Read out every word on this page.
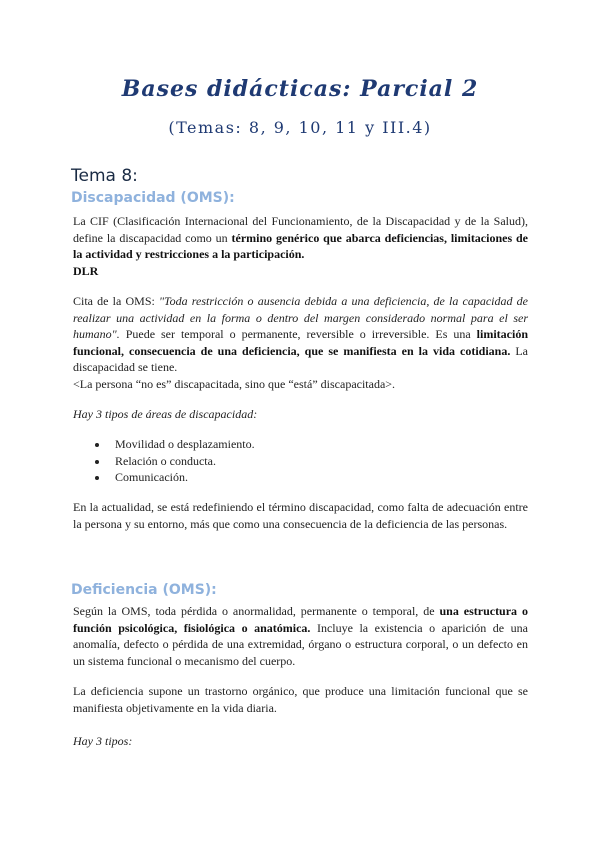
Bases didácticas: Parcial 2
(Temas: 8, 9, 10, 11 y III.4)
Tema 8:
Discapacidad (OMS):

La CIF (Clasificación Internacional del Funcionamiento, de la Discapacidad y de la Salud), define la discapacidad como un término genérico que abarca deficiencias, limitaciones de la actividad y restricciones a la participación.
DLR

Cita de la OMS: "Toda restricción o ausencia debida a una deficiencia, de la capacidad de realizar una actividad en la forma o dentro del margen considerado normal para el ser humano". Puede ser temporal o permanente, reversible o irreversible. Es una limitación funcional, consecuencia de una deficiencia, que se manifiesta en la vida cotidiana. La discapacidad se tiene.
<La persona “no es” discapacitada, sino que “está” discapacitada>.

Hay 3 tipos de áreas de discapacidad:

• Movilidad o desplazamiento.
• Relación o conducta.
• Comunicación.

En la actualidad, se está redefiniendo el término discapacidad, como falta de adecuación entre la persona y su entorno, más que como una consecuencia de la deficiencia de las personas.

Deficiencia (OMS):

Según la OMS, toda pérdida o anormalidad, permanente o temporal, de una estructura o función psicológica, fisiológica o anatómica. Incluye la existencia o aparición de una anomalía, defecto o pérdida de una extremidad, órgano o estructura corporal, o un defecto en un sistema funcional o mecanismo del cuerpo.

La deficiencia supone un trastorno orgánico, que produce una limitación funcional que se manifiesta objetivamente en la vida diaria.

Hay 3 tipos:
